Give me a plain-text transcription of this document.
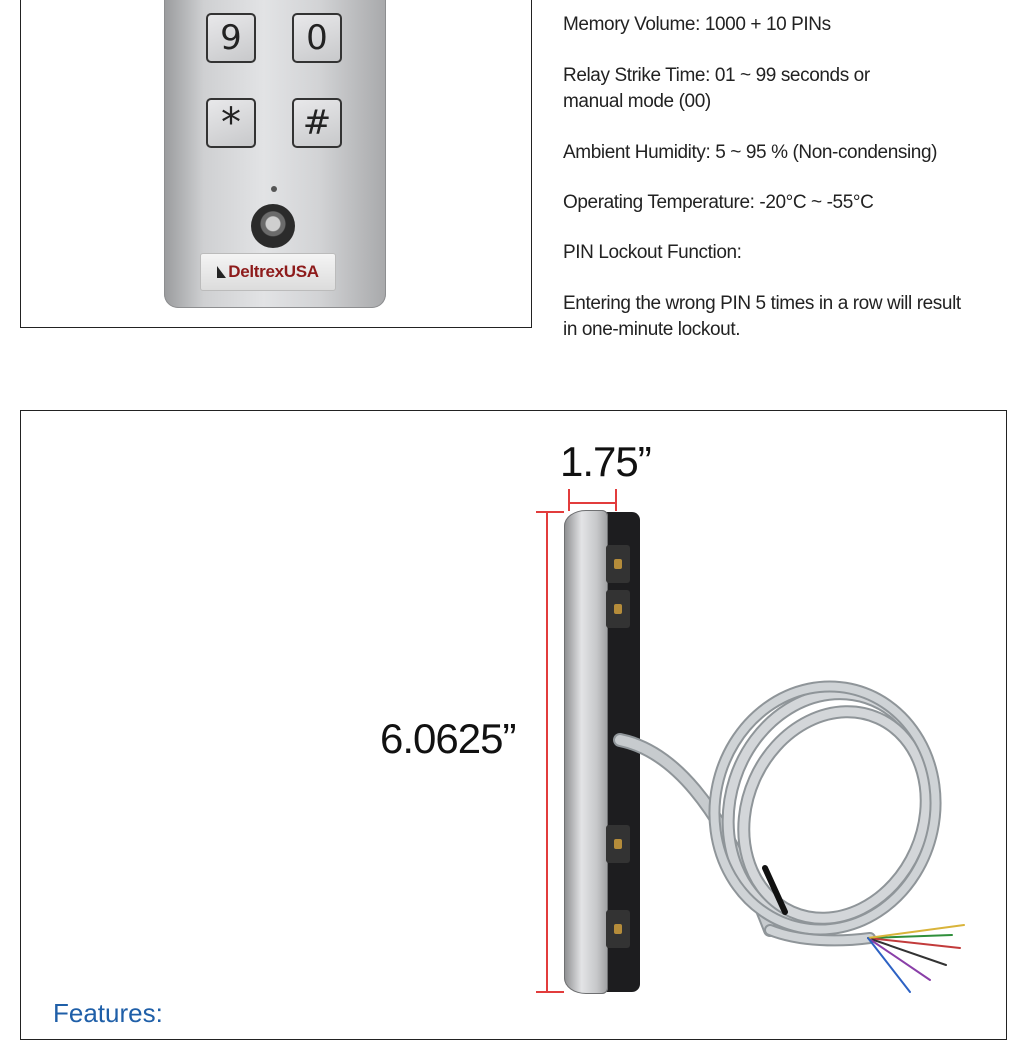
9	0
*	#
DeltrexUSA

Memory Volume: 1000 + 10 PINs

Relay Strike Time: 01 ~ 99 seconds or
manual mode (00)

Ambient Humidity: 5 ~ 95 % (Non-condensing)

Operating Temperature: -20°C ~ -55°C

PIN Lockout Function:

Entering the wrong PIN 5 times in a row will result
in one-minute lockout.

1.75”
6.0625”
Features:
